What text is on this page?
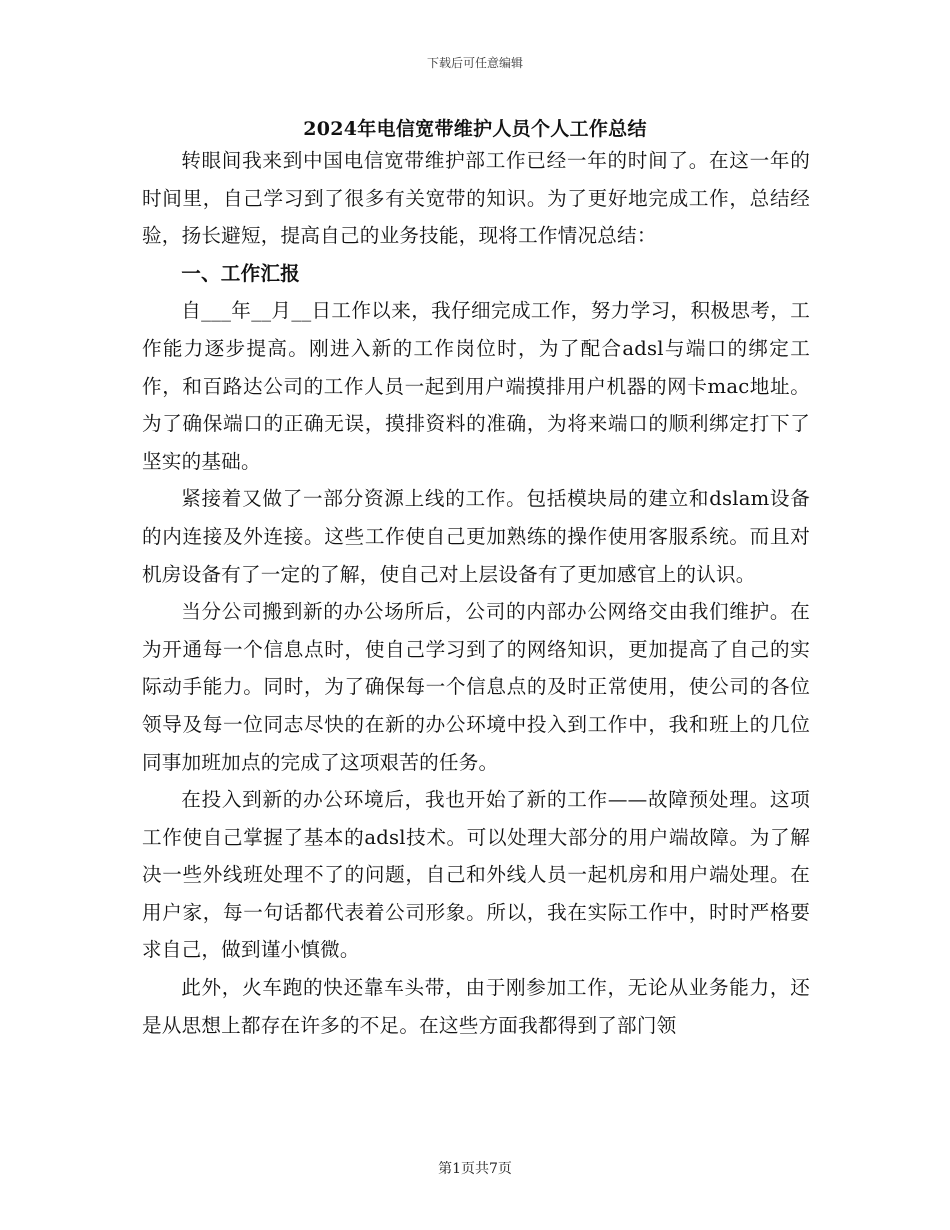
下载后可任意编辑
2024年电信宽带维护人员个人工作总结

转眼间我来到中国电信宽带维护部工作已经一年的时间了。在这一年的时间里，自己学习到了很多有关宽带的知识。为了更好地完成工作，总结经验，扬长避短，提高自己的业务技能，现将工作情况总结：

一、工作汇报

自___年__月__日工作以来，我仔细完成工作，努力学习，积极思考，工作能力逐步提高。刚进入新的工作岗位时，为了配合adsl与端口的绑定工作，和百路达公司的工作人员一起到用户端摸排用户机器的网卡mac地址。为了确保端口的正确无误，摸排资料的准确，为将来端口的顺利绑定打下了坚实的基础。

紧接着又做了一部分资源上线的工作。包括模块局的建立和dslam设备的内连接及外连接。这些工作使自己更加熟练的操作使用客服系统。而且对机房设备有了一定的了解，使自己对上层设备有了更加感官上的认识。

当分公司搬到新的办公场所后，公司的内部办公网络交由我们维护。在为开通每一个信息点时，使自己学习到了的网络知识，更加提高了自己的实际动手能力。同时，为了确保每一个信息点的及时正常使用，使公司的各位领导及每一位同志尽快的在新的办公环境中投入到工作中，我和班上的几位同事加班加点的完成了这项艰苦的任务。

在投入到新的办公环境后，我也开始了新的工作——故障预处理。这项工作使自己掌握了基本的adsl技术。可以处理大部分的用户端故障。为了解决一些外线班处理不了的问题，自己和外线人员一起机房和用户端处理。在用户家，每一句话都代表着公司形象。所以，我在实际工作中，时时严格要求自己，做到谨小慎微。

此外，火车跑的快还靠车头带，由于刚参加工作，无论从业务能力，还是从思想上都存在许多的不足。在这些方面我都得到了部门领

第1页共7页
